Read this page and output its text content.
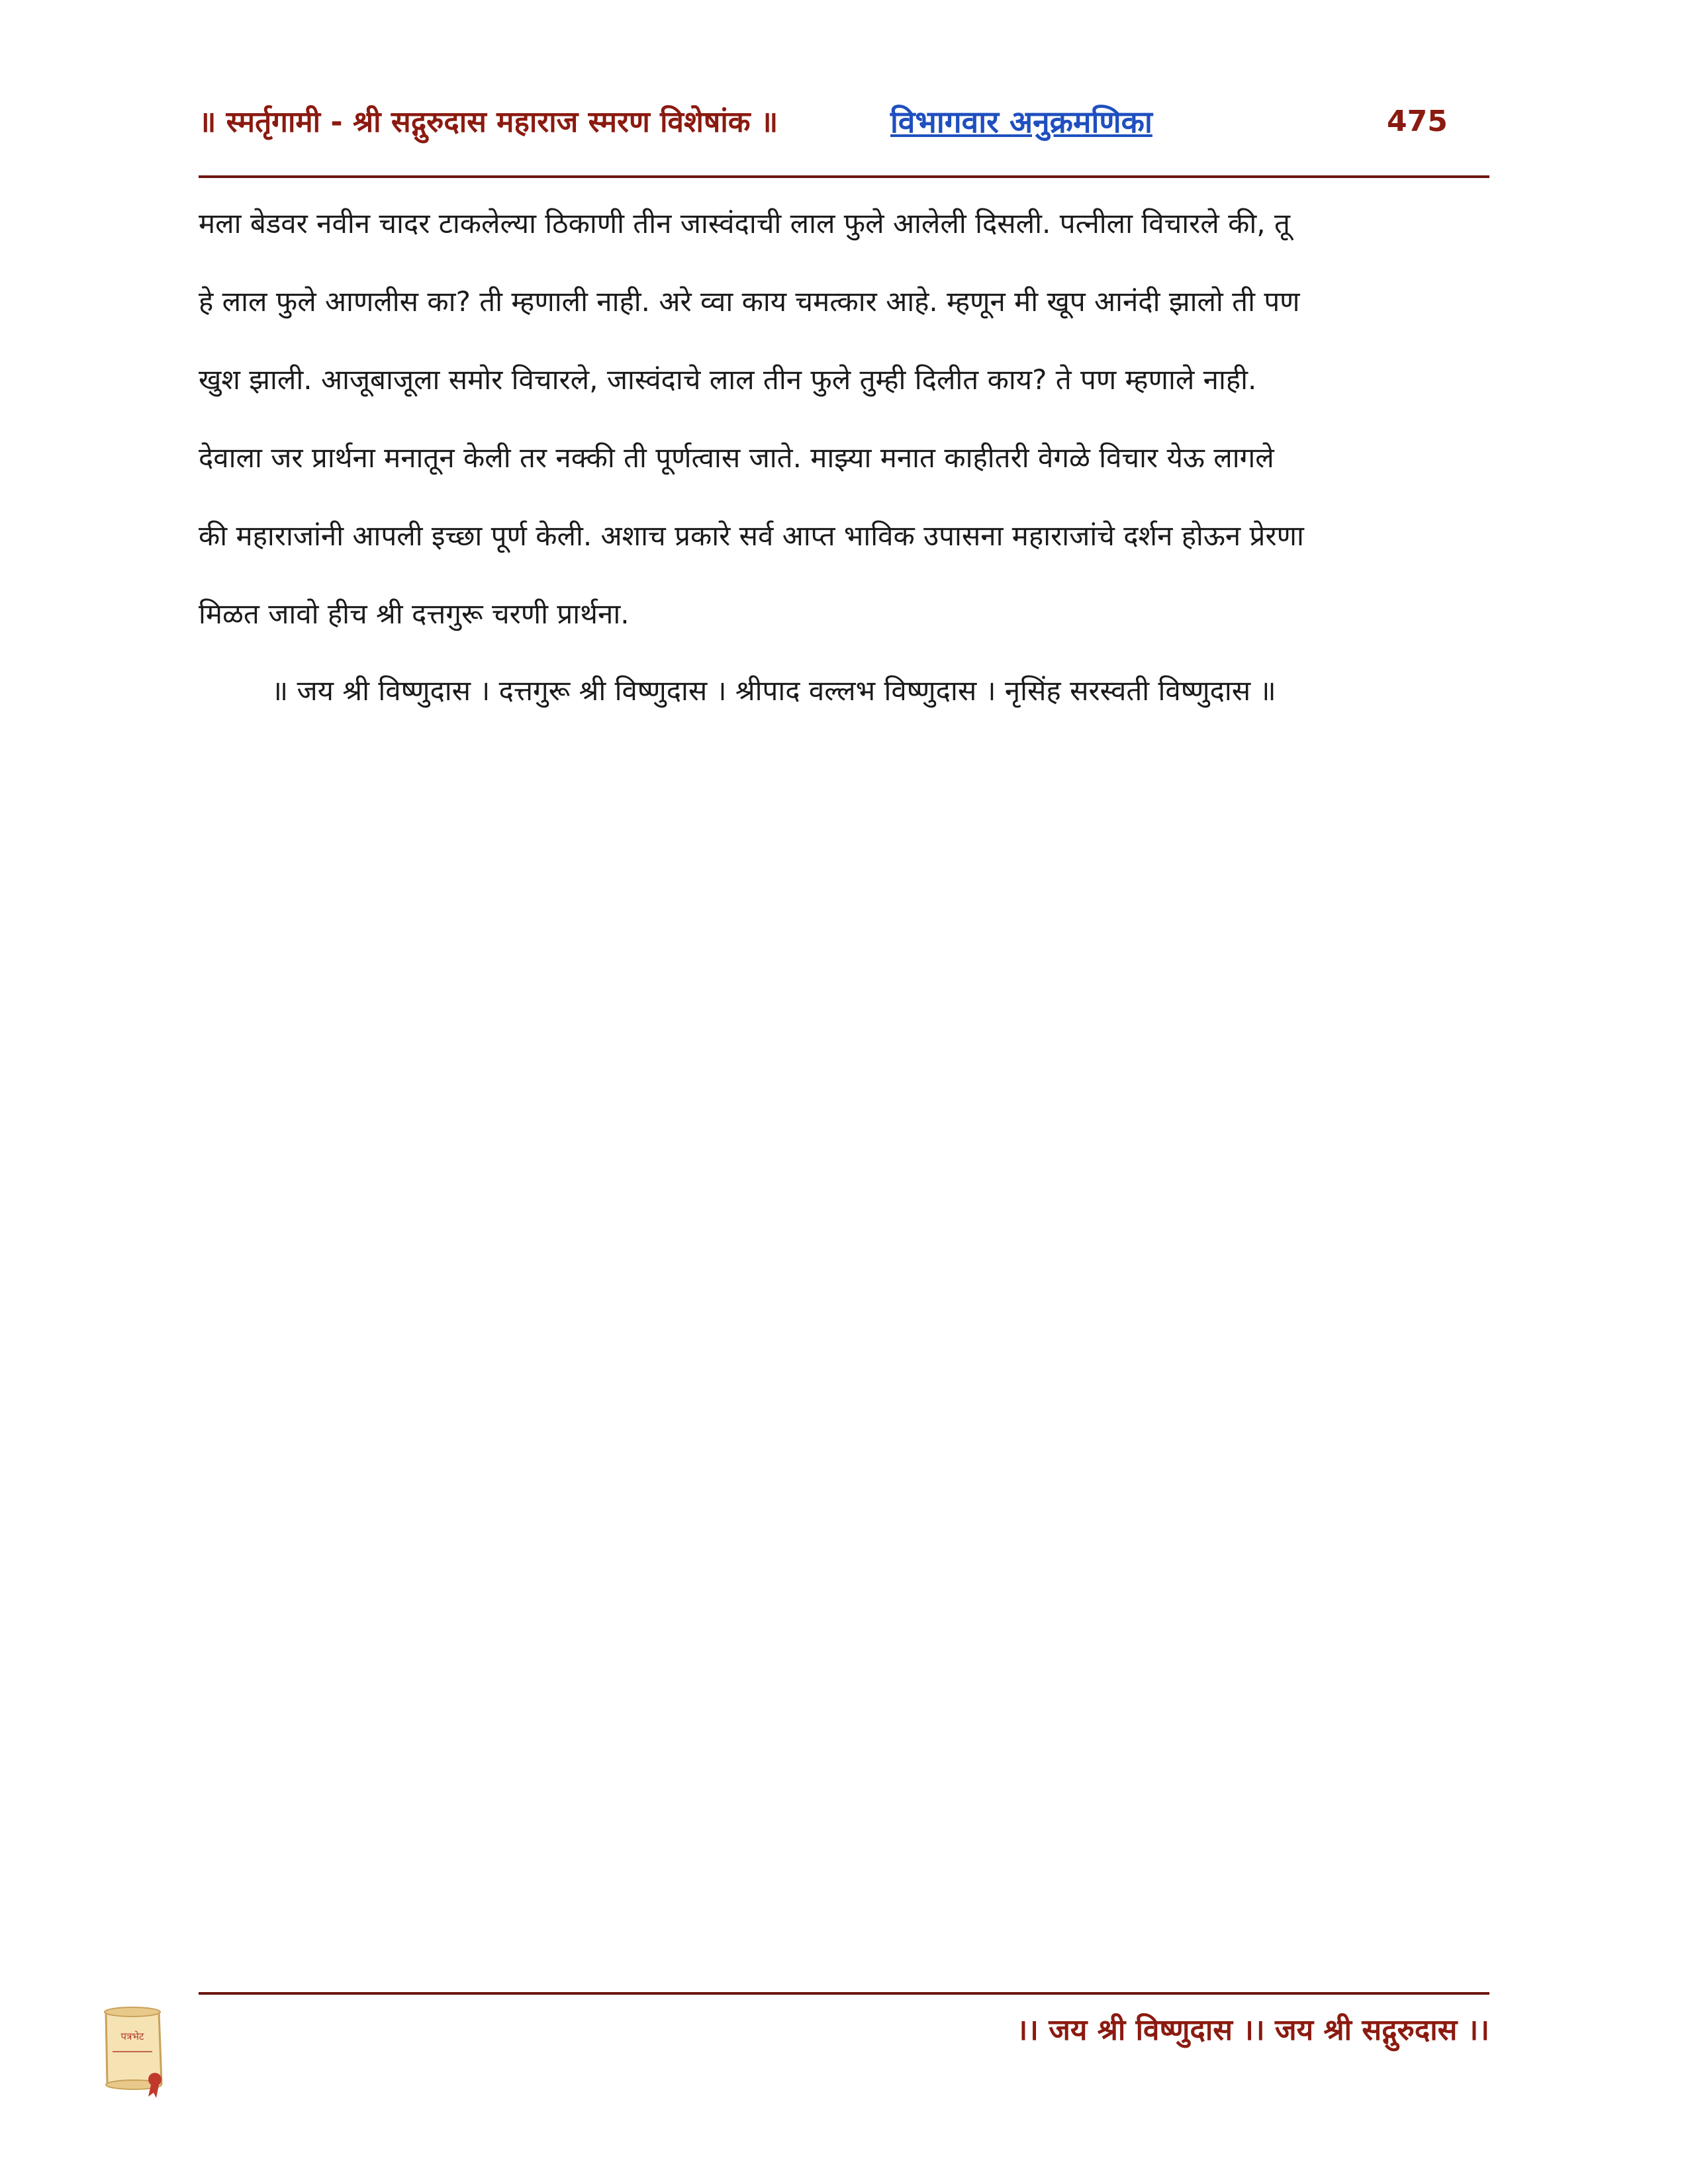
॥ स्मर्तृगामी - श्री सद्गुरुदास महाराज स्मरण विशेषांक ॥	विभागवार अनुक्रमणिका	475
मला बेडवर नवीन चादर टाकलेल्या ठिकाणी तीन जास्वंदाची लाल फुले आलेली दिसली. पत्नीला विचारले की, तू
हे लाल फुले आणलीस का? ती म्हणाली नाही. अरे व्वा काय चमत्कार आहे. म्हणून मी खूप आनंदी झालो ती पण
खुश झाली. आजूबाजूला समोर विचारले, जास्वंदाचे लाल तीन फुले तुम्ही दिलीत काय? ते पण म्हणाले नाही.
देवाला जर प्रार्थना मनातून केली तर नक्की ती पूर्णत्वास जाते. माझ्या मनात काहीतरी वेगळे विचार येऊ लागले
की महाराजांनी आपली इच्छा पूर्ण केली. अशाच प्रकारे सर्व आप्त भाविक उपासना महाराजांचे दर्शन होऊन प्रेरणा
मिळत जावो हीच श्री दत्तगुरू चरणी प्रार्थना.
॥ जय श्री विष्णुदास । दत्तगुरू श्री विष्णुदास । श्रीपाद वल्लभ विष्णुदास । नृसिंह सरस्वती विष्णुदास ॥
पत्रभेट	।। जय श्री विष्णुदास ।। जय श्री सद्गुरुदास ।।
